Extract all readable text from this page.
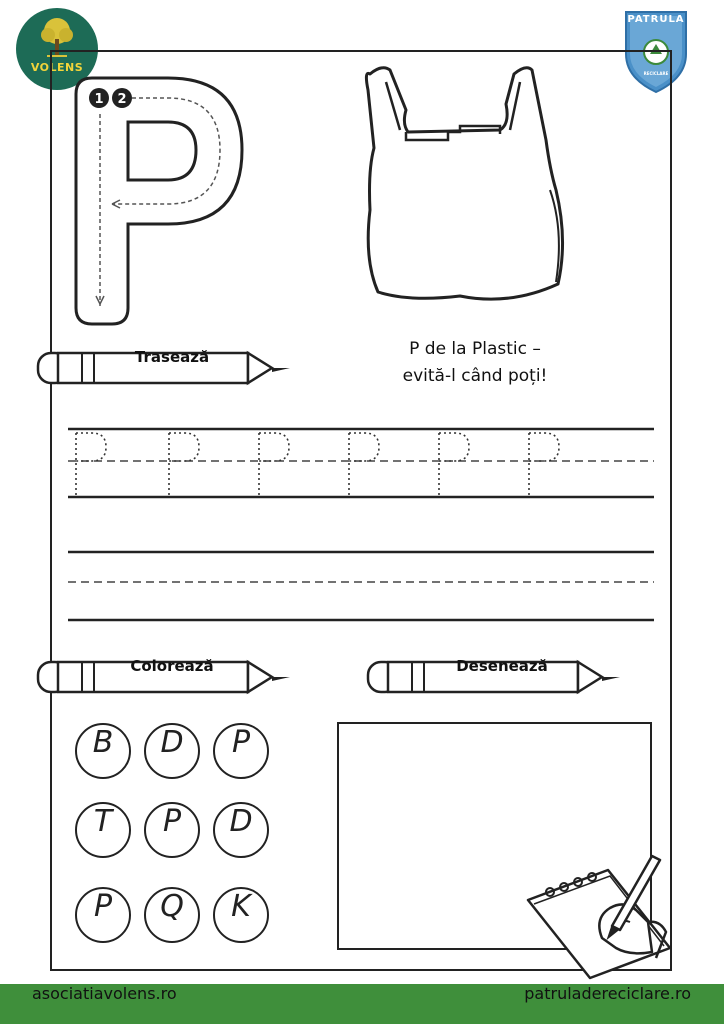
VOLENS
PATRULA
RECICLARE
1 2
P de la Plastic –
evită-l când poți!
Trasează
Colorează	Desenează
B	D	P
T	P	D
P	Q	K
asociatiavolens.ro	patruladereciclare.ro
